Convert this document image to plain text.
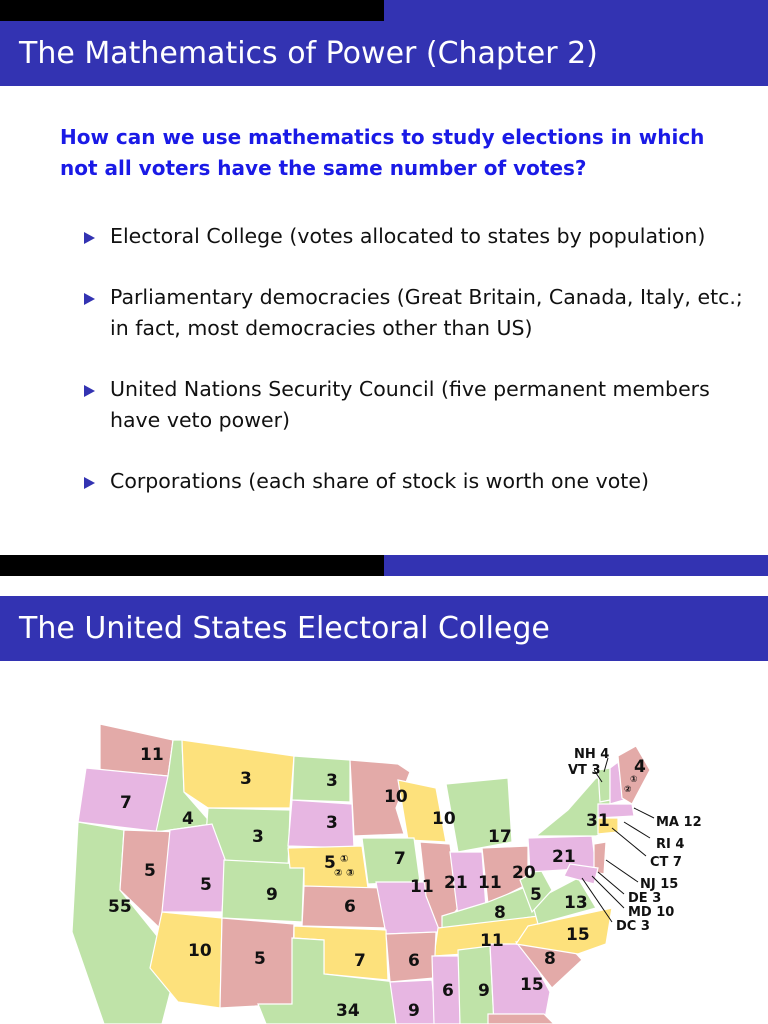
The Mathematics of Power (Chapter 2)
How can we use mathematics to study elections in which not all voters have the same number of votes?
Electoral College (votes allocated to states by population)
Parliamentary democracies (Great Britain, Canada, Italy, etc.; in fact, most democracies other than US)
United Nations Security Council (five permanent members have veto power)
Corporations (each share of stock is worth one vote)
The United States Electoral College
11
7
4
3	3
3
3
10
10
5
5	9
6
7
55
10 5	7 6
34	9
6 9 15
11 21 11
17
20
8
11
5 13
15
8
21
31
4
5 ①
② ③
①
②
NH 4
VT 3
MA 12
RI 4
CT 7
NJ 15
DE 3
MD 10
DC 3
